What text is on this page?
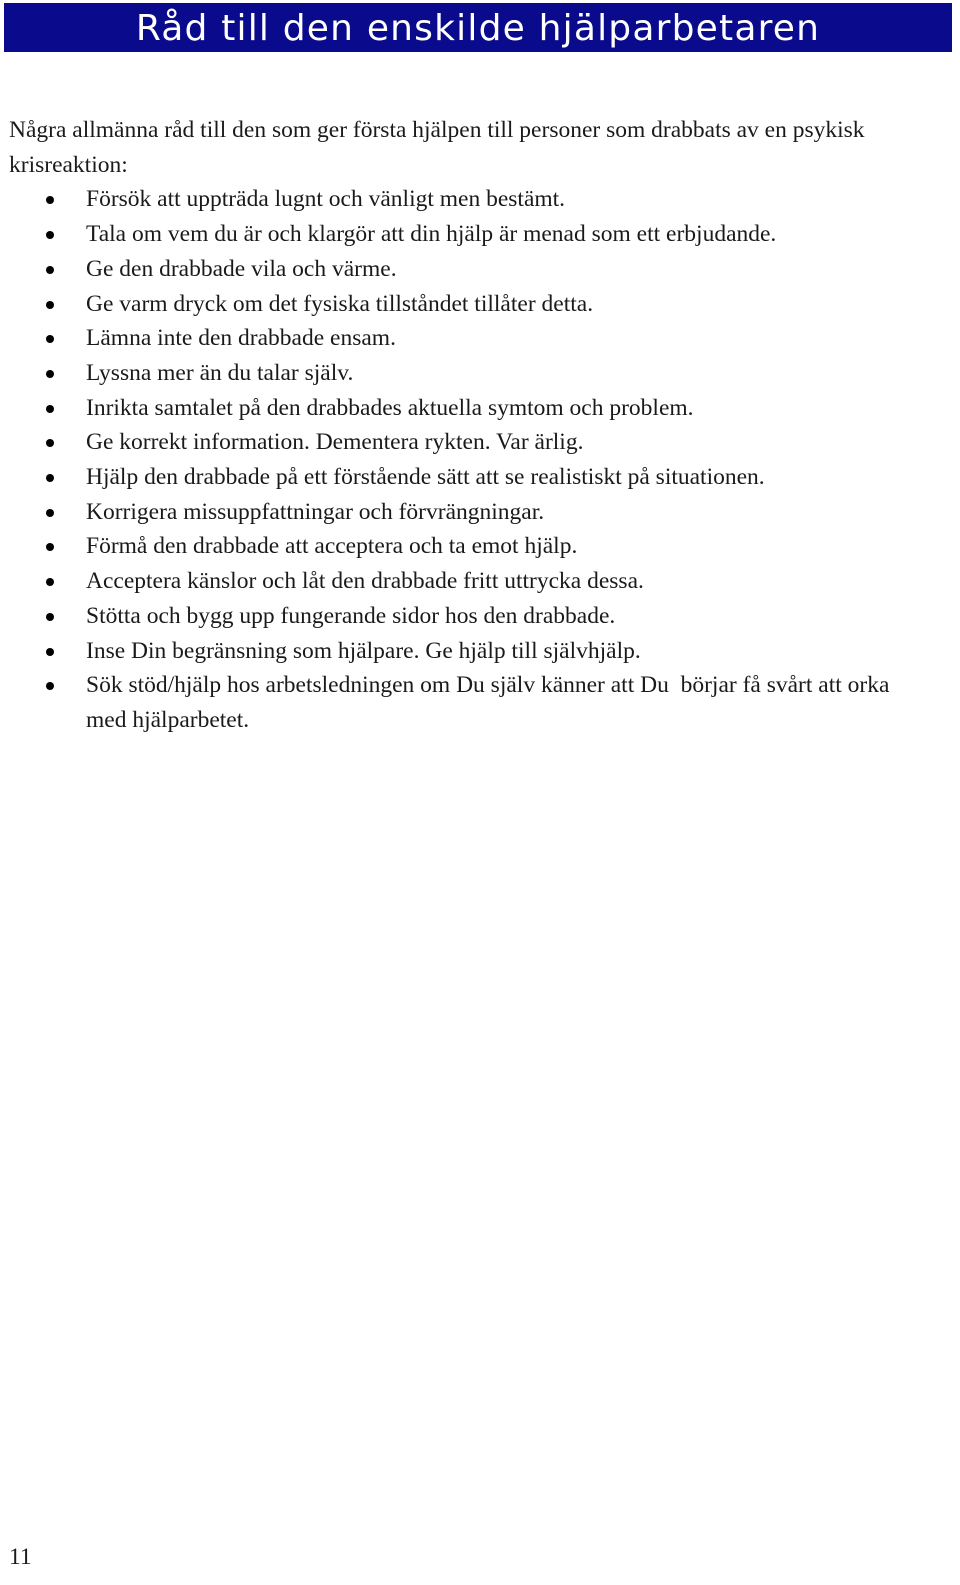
Råd till den enskilde hjälparbetaren

Några allmänna råd till den som ger första hjälpen till personer som drabbats av en psykisk krisreaktion:

Försök att uppträda lugnt och vänligt men bestämt.
Tala om vem du är och klargör att din hjälp är menad som ett erbjudande.
Ge den drabbade vila och värme.
Ge varm dryck om det fysiska tillståndet tillåter detta.
Lämna inte den drabbade ensam.
Lyssna mer än du talar själv.
Inrikta samtalet på den drabbades aktuella symtom och problem.
Ge korrekt information. Dementera rykten. Var ärlig.
Hjälp den drabbade på ett förstående sätt att se realistiskt på situationen.
Korrigera missuppfattningar och förvrängningar.
Förmå den drabbade att acceptera och ta emot hjälp.
Acceptera känslor och låt den drabbade fritt uttrycka dessa.
Stötta och bygg upp fungerande sidor hos den drabbade.
Inse Din begränsning som hjälpare. Ge hjälp till självhjälp.
Sök stöd/hjälp hos arbetsledningen om Du själv känner att Du  börjar få svårt att orka med hjälparbetet.
11
